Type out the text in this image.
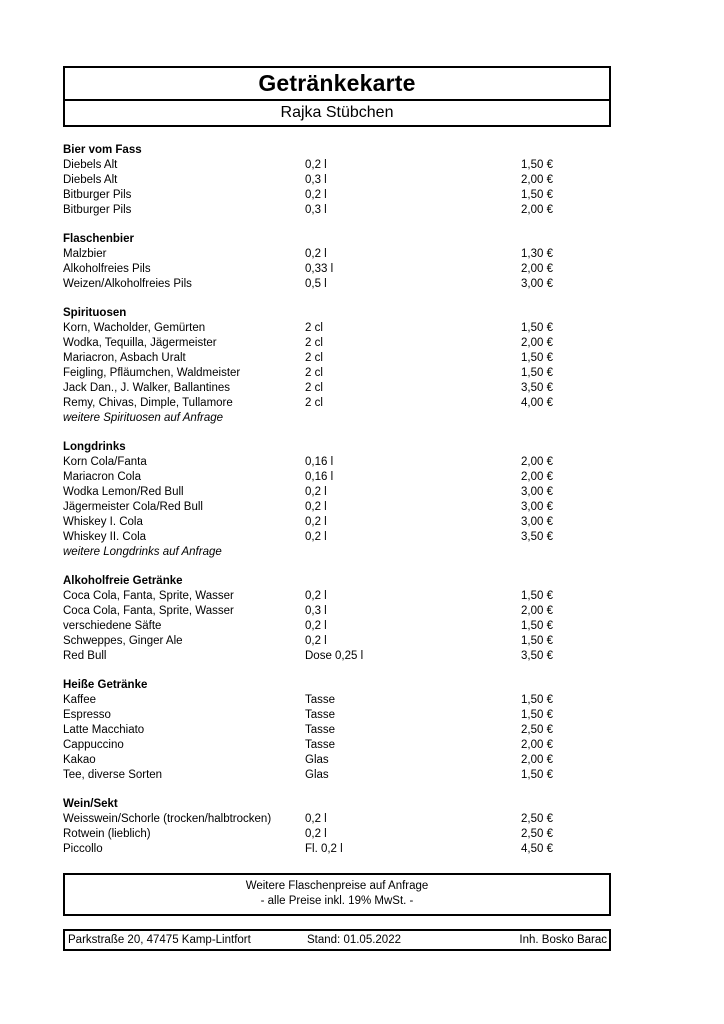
Getränkekarte
Rajka Stübchen
Bier vom Fass
Diebels Alt	0,2 l	1,50 €
Diebels Alt	0,3 l	2,00 €
Bitburger Pils	0,2 l	1,50 €
Bitburger Pils	0,3 l	2,00 €
Flaschenbier
Malzbier	0,2 l	1,30 €
Alkoholfreies Pils	0,33 l	2,00 €
Weizen/Alkoholfreies Pils	0,5 l	3,00 €
Spirituosen
Korn, Wacholder, Gemürten	2 cl	1,50 €
Wodka, Tequilla, Jägermeister	2 cl	2,00 €
Mariacron, Asbach Uralt	2 cl	1,50 €
Feigling, Pfläumchen, Waldmeister	2 cl	1,50 €
Jack Dan., J. Walker, Ballantines	2 cl	3,50 €
Remy, Chivas, Dimple, Tullamore	2 cl	4,00 €
weitere Spirituosen auf Anfrage
Longdrinks
Korn Cola/Fanta	0,16 l	2,00 €
Mariacron Cola	0,16 l	2,00 €
Wodka Lemon/Red Bull	0,2 l	3,00 €
Jägermeister Cola/Red Bull	0,2 l	3,00 €
Whiskey I. Cola	0,2 l	3,00 €
Whiskey II. Cola	0,2 l	3,50 €
weitere Longdrinks auf Anfrage
Alkoholfreie Getränke
Coca Cola, Fanta, Sprite, Wasser	0,2 l	1,50 €
Coca Cola, Fanta, Sprite, Wasser	0,3 l	2,00 €
verschiedene Säfte	0,2 l	1,50 €
Schweppes, Ginger Ale	0,2 l	1,50 €
Red Bull	Dose 0,25 l	3,50 €
Heiße Getränke
Kaffee	Tasse	1,50 €
Espresso	Tasse	1,50 €
Latte Macchiato	Tasse	2,50 €
Cappuccino	Tasse	2,00 €
Kakao	Glas	2,00 €
Tee, diverse Sorten	Glas	1,50 €
Wein/Sekt
Weisswein/Schorle (trocken/halbtrocken)	0,2 l	2,50 €
Rotwein (lieblich)	0,2 l	2,50 €
Piccollo	Fl. 0,2 l	4,50 €
Weitere Flaschenpreise auf Anfrage
- alle Preise inkl. 19% MwSt. -
Parkstraße 20, 47475 Kamp-Lintfort	Stand: 01.05.2022	Inh. Bosko Barac
